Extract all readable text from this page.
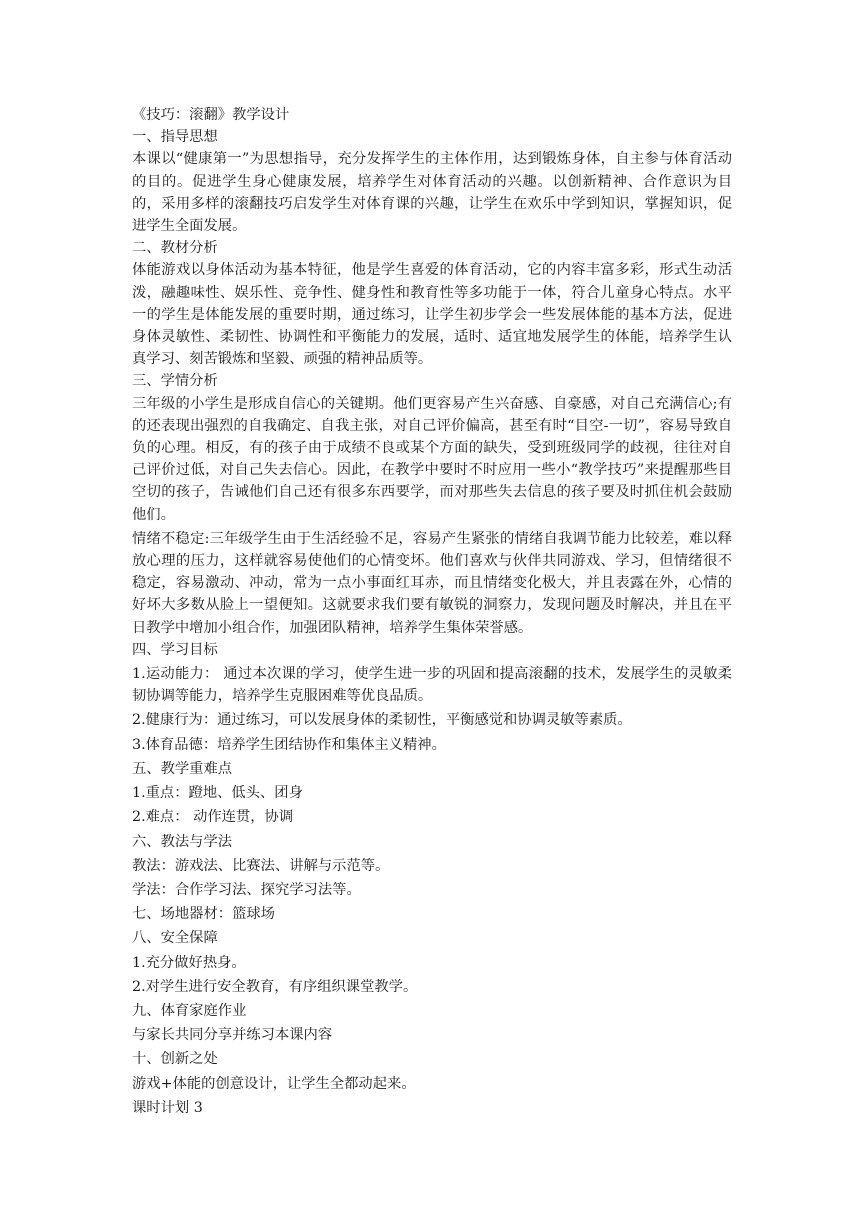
《技巧：滚翻》教学设计
一、指导思想
本课以“健康第一”为思想指导，充分发挥学生的主体作用，达到锻炼身体，自主参与体育活动的目的。促进学生身心健康发展，培养学生对体育活动的兴趣。以创新精神、合作意识为目的，采用多样的滚翻技巧启发学生对体育课的兴趣，让学生在欢乐中学到知识，掌握知识，促进学生全面发展。
二、教材分析
体能游戏以身体活动为基本特征，他是学生喜爱的体育活动，它的内容丰富多彩，形式生动活泼，融趣味性、娱乐性、竞争性、健身性和教育性等多功能于一体，符合儿童身心特点。水平一的学生是体能发展的重要时期，通过练习，让学生初步学会一些发展体能的基本方法，促进身体灵敏性、柔韧性、协调性和平衡能力的发展，适时、适宜地发展学生的体能，培养学生认真学习、刻苦锻炼和坚毅、顽强的精神品质等。
三、学情分析
三年级的小学生是形成自信心的关键期。他们更容易产生兴奋感、自豪感，对自己充满信心;有的还表现出强烈的自我确定、自我主张，对自己评价偏高，甚至有时“目空-一切”，容易导致自负的心理。相反，有的孩子由于成绩不良或某个方面的缺失，受到班级同学的歧视，往往对自己评价过低，对自己失去信心。因此，在教学中要时不时应用一些小“教学技巧”来提醒那些目空切的孩子，告诫他们自己还有很多东西要学，而对那些失去信息的孩子要及时抓住机会鼓励他们。
情绪不稳定:三年级学生由于生活经验不足，容易产生紧张的情绪自我调节能力比较差，难以释放心理的压力，这样就容易使他们的心情变坏。他们喜欢与伙伴共同游戏、学习，但情绪很不稳定，容易激动、冲动，常为一点小事面红耳赤，而且情绪变化极大，并且表露在外，心情的好坏大多数从脸上一望便知。这就要求我们要有敏锐的洞察力，发现问题及时解决，并且在平日教学中增加小组合作，加强团队精神，培养学生集体荣誉感。
四、学习目标
1.运动能力： 通过本次课的学习，使学生进一步的巩固和提高滚翻的技术，发展学生的灵敏柔韧协调等能力，培养学生克服困难等优良品质。
2.健康行为：通过练习，可以发展身体的柔韧性，平衡感觉和协调灵敏等素质。
3.体育品德：培养学生团结协作和集体主义精神。
五、教学重难点
1.重点：蹬地、低头、团身
2.难点： 动作连贯，协调
六、教法与学法
教法：游戏法、比赛法、讲解与示范等。
学法：合作学习法、探究学习法等。
七、场地器材：篮球场
八、安全保障
1.充分做好热身。
2.对学生进行安全教育，有序组织课堂教学。
九、体育家庭作业
与家长共同分享并练习本课内容
十、创新之处
游戏+体能的创意设计，让学生全都动起来。
课时计划 3
